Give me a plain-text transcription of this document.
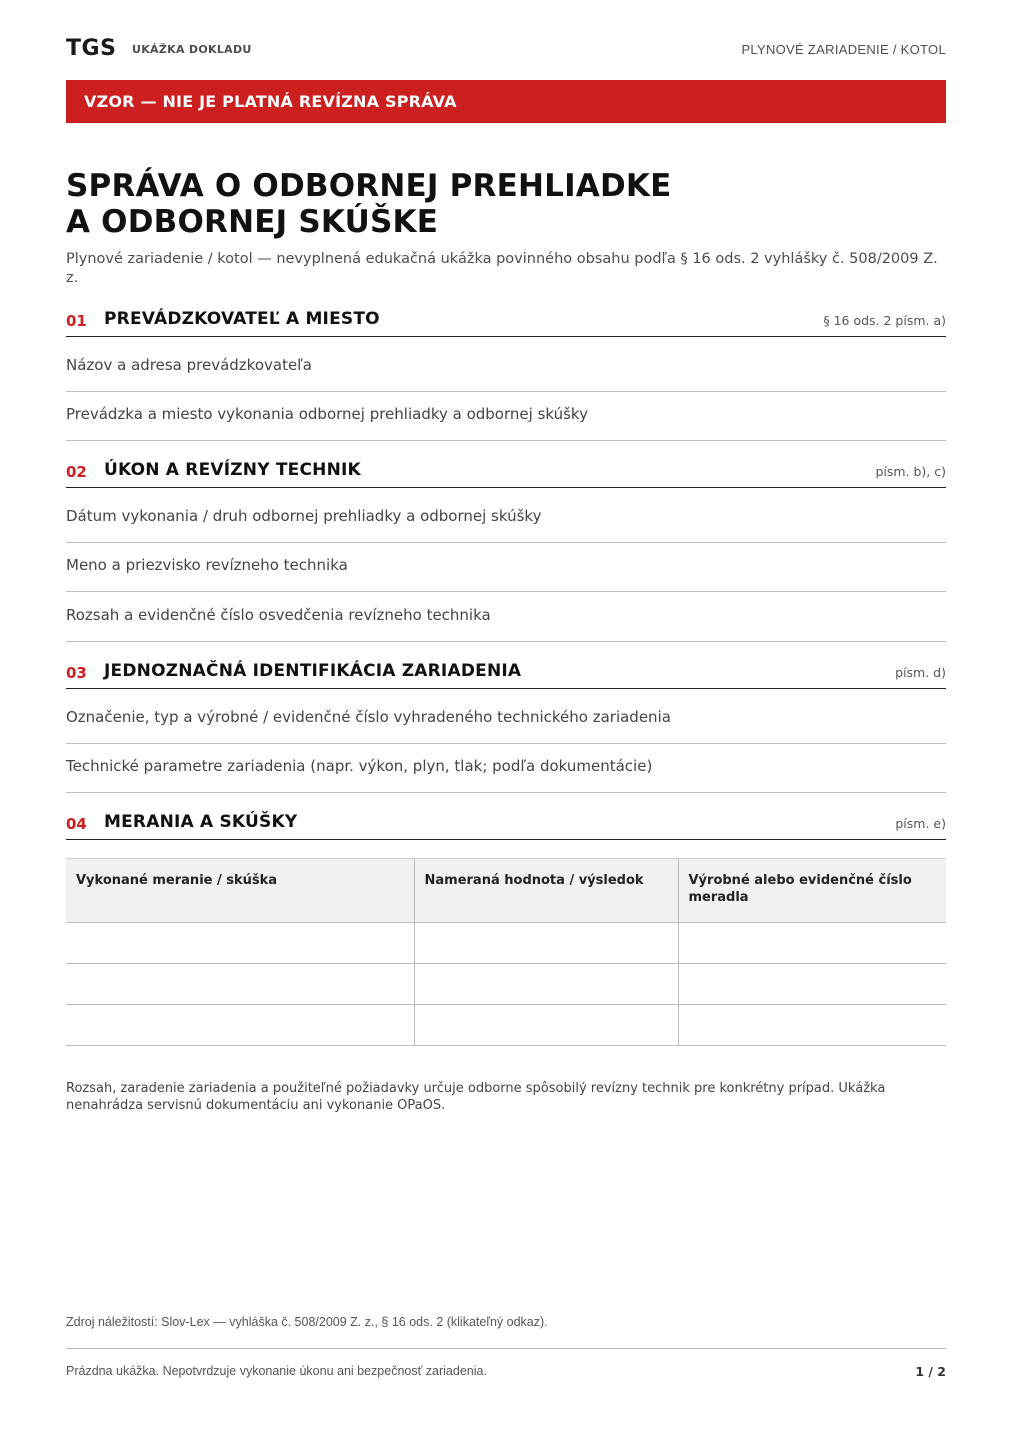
TGS UKÁŽKA DOKLADU	PLYNOVÉ ZARIADENIE / KOTOL
VZOR — NIE JE PLATNÁ REVÍZNA SPRÁVA
SPRÁVA O ODBORNEJ PREHLIADKE
A ODBORNEJ SKÚŠKE
Plynové zariadenie / kotol — nevyplnená edukačná ukážka povinného obsahu podľa § 16 ods. 2 vyhlášky č. 508/2009 Z. z.
01 PREVÁDZKOVATEĽ A MIESTO	§ 16 ods. 2 písm. a)
Názov a adresa prevádzkovateľa
Prevádzka a miesto vykonania odbornej prehliadky a odbornej skúšky
02 ÚKON A REVÍZNY TECHNIK	písm. b), c)
Dátum vykonania / druh odbornej prehliadky a odbornej skúšky
Meno a priezvisko revízneho technika
Rozsah a evidenčné číslo osvedčenia revízneho technika
03 JEDNOZNAČNÁ IDENTIFIKÁCIA ZARIADENIA	písm. d)
Označenie, typ a výrobné / evidenčné číslo vyhradeného technického zariadenia
Technické parametre zariadenia (napr. výkon, plyn, tlak; podľa dokumentácie)
04 MERANIA A SKÚŠKY	písm. e)
Vykonané meranie / skúška	Nameraná hodnota / výsledok	Výrobné alebo evidenčné číslo meradla

Rozsah, zaradenie zariadenia a použiteľné požiadavky určuje odborne spôsobilý revízny technik pre konkrétny prípad. Ukážka nenahrádza servisnú dokumentáciu ani vykonanie OPaOS.
Zdroj náležitostí: Slov-Lex — vyhláška č. 508/2009 Z. z., § 16 ods. 2 (klikateľný odkaz).
Prázdna ukážka. Nepotvrdzuje vykonanie úkonu ani bezpečnosť zariadenia.	1 / 2
